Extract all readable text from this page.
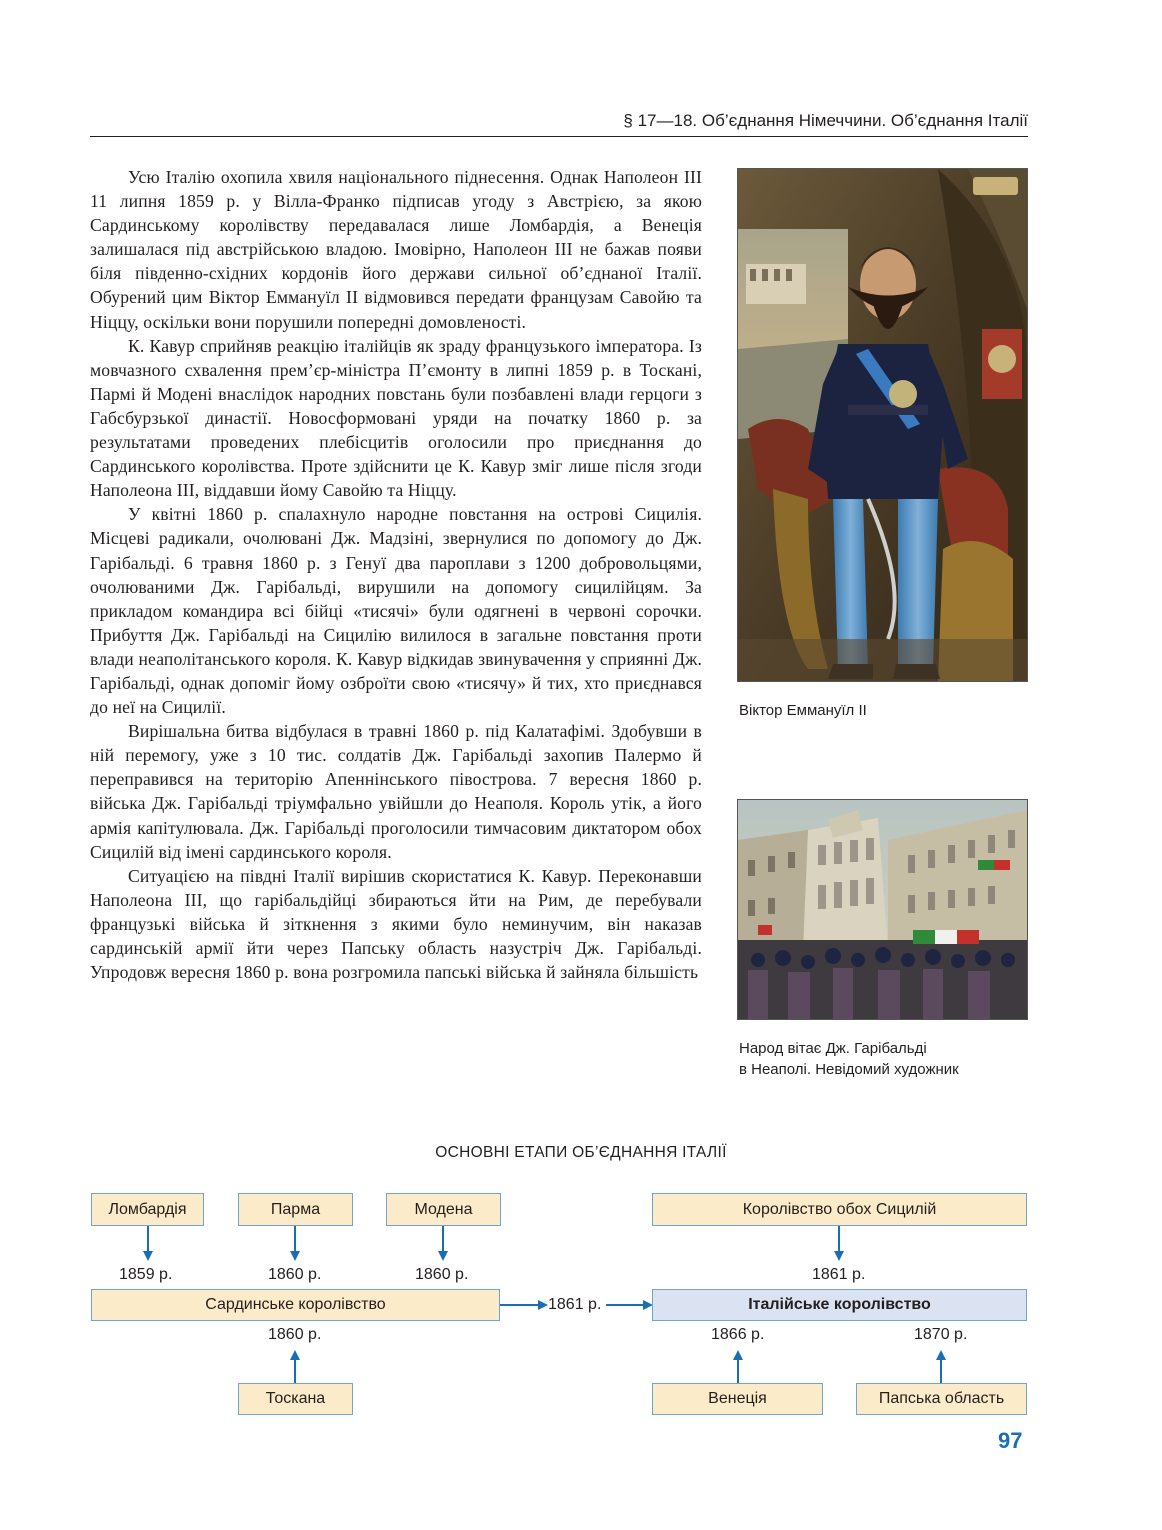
§ 17—18. Об’єднання Німеччини. Об’єднання Італії

Усю Італію охопила хвиля національного піднесення. Однак Наполеон III 11 липня 1859 р. у Вілла-Франко підписав угоду з Австрією, за якою Сардинському королівству передавалася лише Ломбардія, а Венеція залишалася під австрійською владою. Імовірно, Наполеон III не бажав появи біля південно-східних кордонів його держави сильної об’єднаної Італії. Обурений цим Віктор Еммануїл II відмовився передати французам Савойю та Ніццу, оскільки вони порушили попередні домовленості.

К. Кавур сприйняв реакцію італійців як зраду французького імператора. Із мовчазного схвалення прем’єр-міністра П’ємонту в липні 1859 р. в Тоскані, Пармі й Модені внаслідок народних повстань були позбавлені влади герцоги з Габсбурзької династії. Новосформовані уряди на початку 1860 р. за результатами проведених плебісцитів оголосили про приєднання до Сардинського королівства. Проте здійснити це К. Кавур зміг лише після згоди Наполеона III, віддавши йому Савойю та Ніццу.

У квітні 1860 р. спалахнуло народне повстання на острові Сицилія. Місцеві радикали, очолювані Дж. Мадзіні, звернулися по допомогу до Дж. Гарібальді. 6 травня 1860 р. з Генуї два пароплави з 1200 добровольцями, очолюваними Дж. Гарібальді, вирушили на допомогу сицилійцям. За прикладом командира всі бійці «тисячі» були одягнені в червоні сорочки. Прибуття Дж. Гарібальді на Сицилію вилилося в загальне повстання проти влади неаполітанського короля. К. Кавур відкидав звинувачення у сприянні Дж. Гарібальді, однак допоміг йому озброїти свою «тисячу» й тих, хто приєднався до неї на Сицилії.

Вирішальна битва відбулася в травні 1860 р. під Калатафімі. Здобувши в ній перемогу, уже з 10 тис. солдатів Дж. Гарібальді захопив Палермо й переправився на територію Апеннінського півострова. 7 вересня 1860 р. війська Дж. Гарібальді тріумфально увійшли до Неаполя. Король утік, а його армія капітулювала. Дж. Гарібальді проголосили тимчасовим диктатором обох Сицилій від імені сардинського короля.

Ситуацією на півдні Італії вирішив скористатися К. Кавур. Переконавши Наполеона III, що гарібальдійці збираються йти на Рим, де перебували французькі війська й зіткнення з якими було неминучим, він наказав сардинській армії йти через Папську область назустріч Дж. Гарібальді. Упродовж вересня 1860 р. вона розгромила папські війська й зайняла більшість

Віктор Еммануїл II
Народ вітає Дж. Гарібальді
в Неаполі. Невідомий художник
ОСНОВНІ ЕТАПИ ОБ’ЄДНАННЯ ІТАЛІЇ
Ломбардія	Парма	Модена	Королівство обох Сицилій
1859 р.	1860 р.	1860 р.	1861 р.
Сардинське королівство	1861 р.	Італійське королівство
1860 р.	1866 р.	1870 р.
Тоскана	Венеція	Папська область
97
